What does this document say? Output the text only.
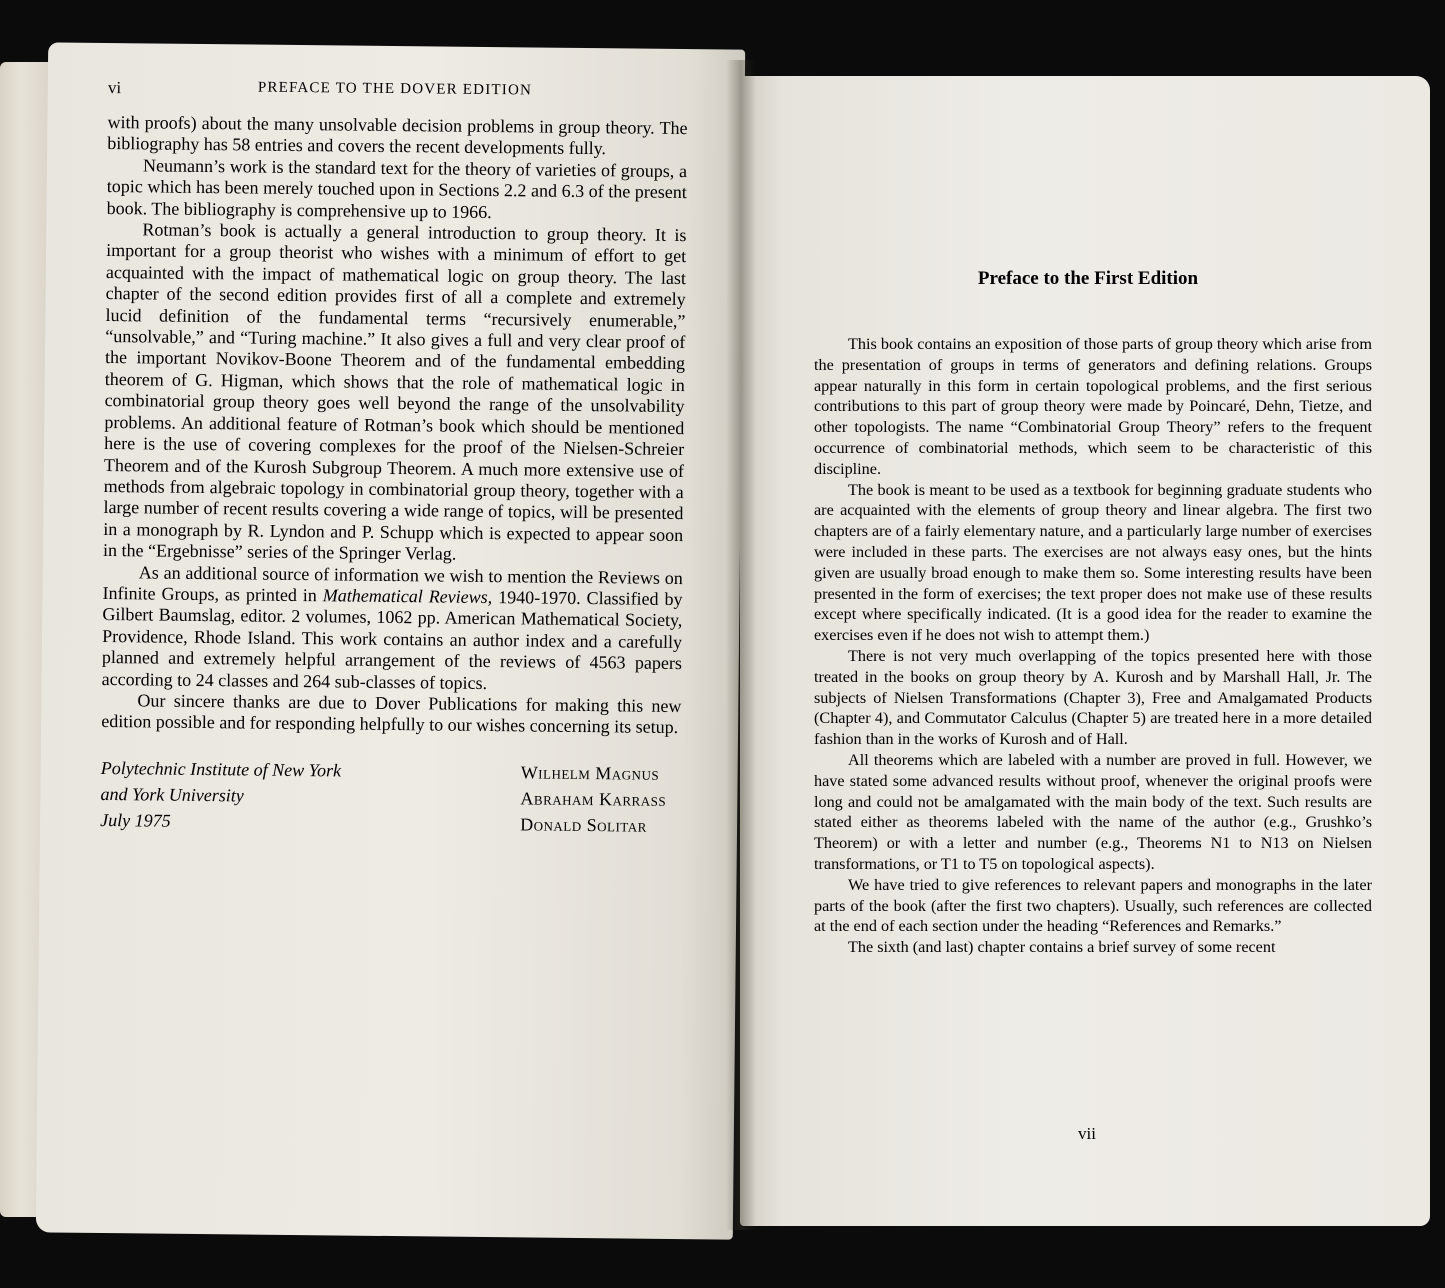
vi	PREFACE TO THE DOVER EDITION

with proofs) about the many unsolvable decision problems in group theory. The bibliography has 58 entries and covers the recent developments fully.

Neumann’s work is the standard text for the theory of varieties of groups, a topic which has been merely touched upon in Sections 2.2 and 6.3 of the present book. The bibliography is comprehensive up to 1966.

Rotman’s book is actually a general introduction to group theory. It is important for a group theorist who wishes with a minimum of effort to get acquainted with the impact of mathematical logic on group theory. The last chapter of the second edition provides first of all a complete and extremely lucid definition of the fundamental terms “recursively enumerable,” “unsolvable,” and “Turing machine.” It also gives a full and very clear proof of the important Novikov-Boone Theorem and of the fundamental embedding theorem of G. Higman, which shows that the role of mathematical logic in combinatorial group theory goes well beyond the range of the unsolvability problems. An additional feature of Rotman’s book which should be mentioned here is the use of covering complexes for the proof of the Nielsen-Schreier Theorem and of the Kurosh Subgroup Theorem. A much more extensive use of methods from algebraic topology in combinatorial group theory, together with a large number of recent results covering a wide range of topics, will be presented in a monograph by R. Lyndon and P. Schupp which is expected to appear soon in the “Ergebnisse” series of the Springer Verlag.

As an additional source of information we wish to mention the Reviews on Infinite Groups, as printed in Mathematical Reviews, 1940-1970. Classified by Gilbert Baumslag, editor. 2 volumes, 1062 pp. American Mathematical Society, Providence, Rhode Island. This work contains an author index and a carefully planned and extremely helpful arrangement of the reviews of 4563 papers according to 24 classes and 264 sub-classes of topics.

Our sincere thanks are due to Dover Publications for making this new edition possible and for responding helpfully to our wishes concerning its setup.

Polytechnic Institute of New York
and York University
July 1975
Wilhelm Magnus
Abraham Karrass
Donald Solitar
Preface to the First Edition

This book contains an exposition of those parts of group theory which arise from the presentation of groups in terms of generators and defining relations. Groups appear naturally in this form in certain topological problems, and the first serious contributions to this part of group theory were made by Poincaré, Dehn, Tietze, and other topologists. The name “Combinatorial Group Theory” refers to the frequent occurrence of combinatorial methods, which seem to be characteristic of this discipline.

The book is meant to be used as a textbook for beginning graduate students who are acquainted with the elements of group theory and linear algebra. The first two chapters are of a fairly elementary nature, and a particularly large number of exercises were included in these parts. The exercises are not always easy ones, but the hints given are usually broad enough to make them so. Some interesting results have been presented in the form of exercises; the text proper does not make use of these results except where specifically indicated. (It is a good idea for the reader to examine the exercises even if he does not wish to attempt them.)

There is not very much overlapping of the topics presented here with those treated in the books on group theory by A. Kurosh and by Marshall Hall, Jr. The subjects of Nielsen Transformations (Chapter 3), Free and Amalgamated Products (Chapter 4), and Commutator Calculus (Chapter 5) are treated here in a more detailed fashion than in the works of Kurosh and of Hall.

All theorems which are labeled with a number are proved in full. However, we have stated some advanced results without proof, whenever the original proofs were long and could not be amalgamated with the main body of the text. Such results are stated either as theorems labeled with the name of the author (e.g., Grushko’s Theorem) or with a letter and number (e.g., Theorems N1 to N13 on Nielsen transformations, or T1 to T5 on topological aspects).

We have tried to give references to relevant papers and monographs in the later parts of the book (after the first two chapters). Usually, such references are collected at the end of each section under the heading “References and Remarks.”

The sixth (and last) chapter contains a brief survey of some recent

vii
